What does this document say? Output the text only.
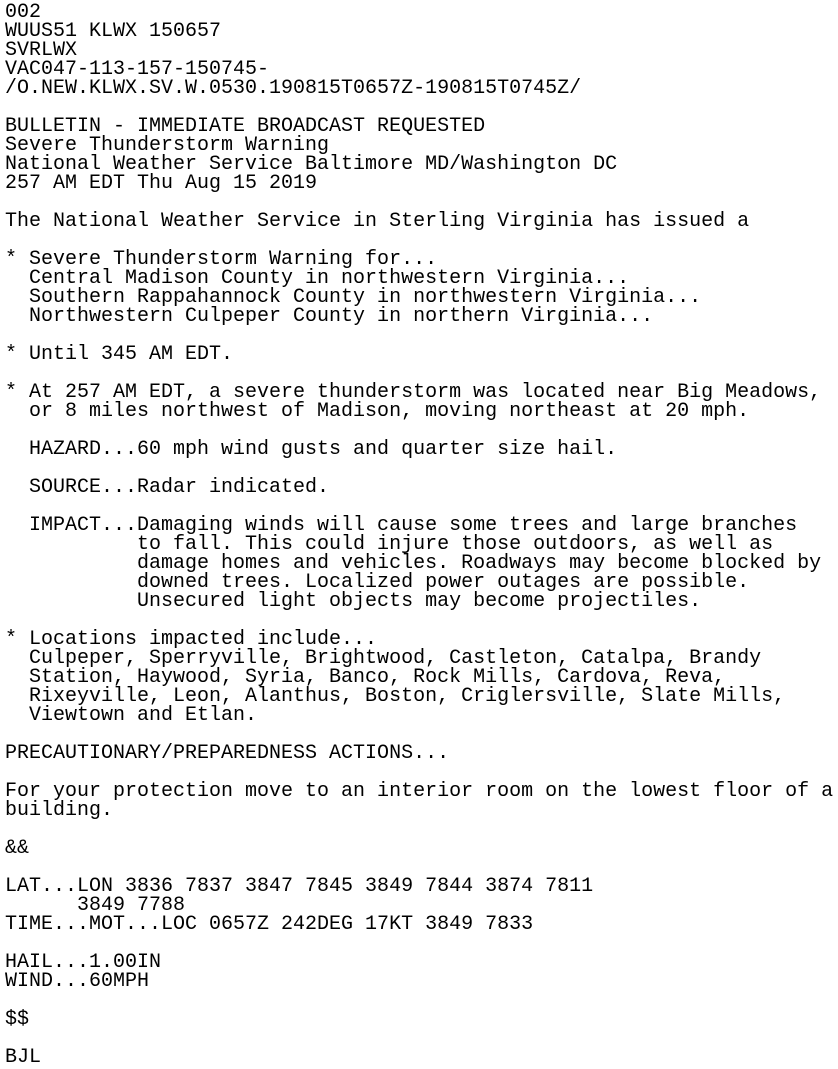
002
WUUS51 KLWX 150657
SVRLWX
VAC047-113-157-150745-
/O.NEW.KLWX.SV.W.0530.190815T0657Z-190815T0745Z/
BULLETIN - IMMEDIATE BROADCAST REQUESTED
Severe Thunderstorm Warning
National Weather Service Baltimore MD/Washington DC
257 AM EDT Thu Aug 15 2019
The National Weather Service in Sterling Virginia has issued a
* Severe Thunderstorm Warning for...
Central Madison County in northwestern Virginia...
Southern Rappahannock County in northwestern Virginia...
Northwestern Culpeper County in northern Virginia...
* Until 345 AM EDT.
* At 257 AM EDT, a severe thunderstorm was located near Big Meadows,
or 8 miles northwest of Madison, moving northeast at 20 mph.
HAZARD...60 mph wind gusts and quarter size hail.
SOURCE...Radar indicated.
IMPACT...Damaging winds will cause some trees and large branches
to fall. This could injure those outdoors, as well as
damage homes and vehicles. Roadways may become blocked by
downed trees. Localized power outages are possible.
Unsecured light objects may become projectiles.
* Locations impacted include...
Culpeper, Sperryville, Brightwood, Castleton, Catalpa, Brandy
Station, Haywood, Syria, Banco, Rock Mills, Cardova, Reva,
Rixeyville, Leon, Alanthus, Boston, Criglersville, Slate Mills,
Viewtown and Etlan.
PRECAUTIONARY/PREPAREDNESS ACTIONS...
For your protection move to an interior room on the lowest floor of a
building.
&&
LAT...LON 3836 7837 3847 7845 3849 7844 3874 7811
3849 7788
TIME...MOT...LOC 0657Z 242DEG 17KT 3849 7833
HAIL...1.00IN
WIND...60MPH
$$
BJL
